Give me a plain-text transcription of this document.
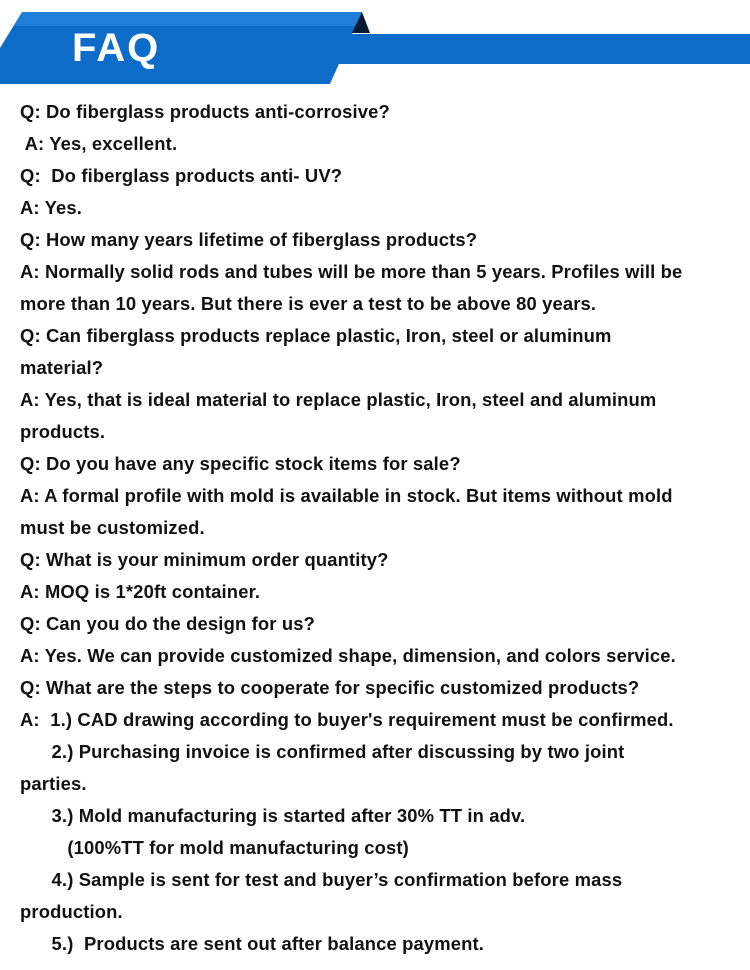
FAQ
Q: Do fiberglass products anti-corrosive?
A: Yes, excellent.
Q:  Do fiberglass products anti- UV?
A: Yes.
Q: How many years lifetime of fiberglass products?
A: Normally solid rods and tubes will be more than 5 years. Profiles will be
more than 10 years. But there is ever a test to be above 80 years.
Q: Can fiberglass products replace plastic, Iron, steel or aluminum
material?
A: Yes, that is ideal material to replace plastic, Iron, steel and aluminum
products.
Q: Do you have any specific stock items for sale?
A: A formal profile with mold is available in stock. But items without mold
must be customized.
Q: What is your minimum order quantity?
A: MOQ is 1*20ft container.
Q: Can you do the design for us?
A: Yes. We can provide customized shape, dimension, and colors service.
Q: What are the steps to cooperate for specific customized products?
A:  1.) CAD drawing according to buyer's requirement must be confirmed.
2.) Purchasing invoice is confirmed after discussing by two joint
parties.
3.) Mold manufacturing is started after 30% TT in adv.
(100%TT for mold manufacturing cost)
4.) Sample is sent for test and buyer’s confirmation before mass
production.
5.)  Products are sent out after balance payment.
